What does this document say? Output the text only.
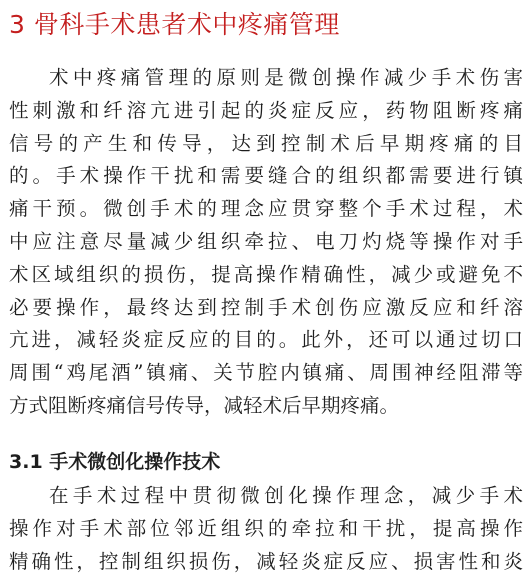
3 骨科手术患者术中疼痛管理
术中疼痛管理的原则是微创操作减少手术伤害
性刺激和纤溶亢进引起的炎症反应，药物阻断疼痛
信号的产生和传导，达到控制术后早期疼痛的目
的。手术操作干扰和需要缝合的组织都需要进行镇
痛干预。微创手术的理念应贯穿整个手术过程，术
中应注意尽量减少组织牵拉、电刀灼烧等操作对手
术区域组织的损伤，提高操作精确性，减少或避免不
必要操作，最终达到控制手术创伤应激反应和纤溶
亢进，减轻炎症反应的目的。此外，还可以通过切口
周围“鸡尾酒”镇痛、关节腔内镇痛、周围神经阻滞等
方式阻断疼痛信号传导，减轻术后早期疼痛。
3.1 手术微创化操作技术
在手术过程中贯彻微创化操作理念，减少手术
操作对手术部位邻近组织的牵拉和干扰，提高操作
精确性，控制组织损伤，减轻炎症反应、损害性和炎
